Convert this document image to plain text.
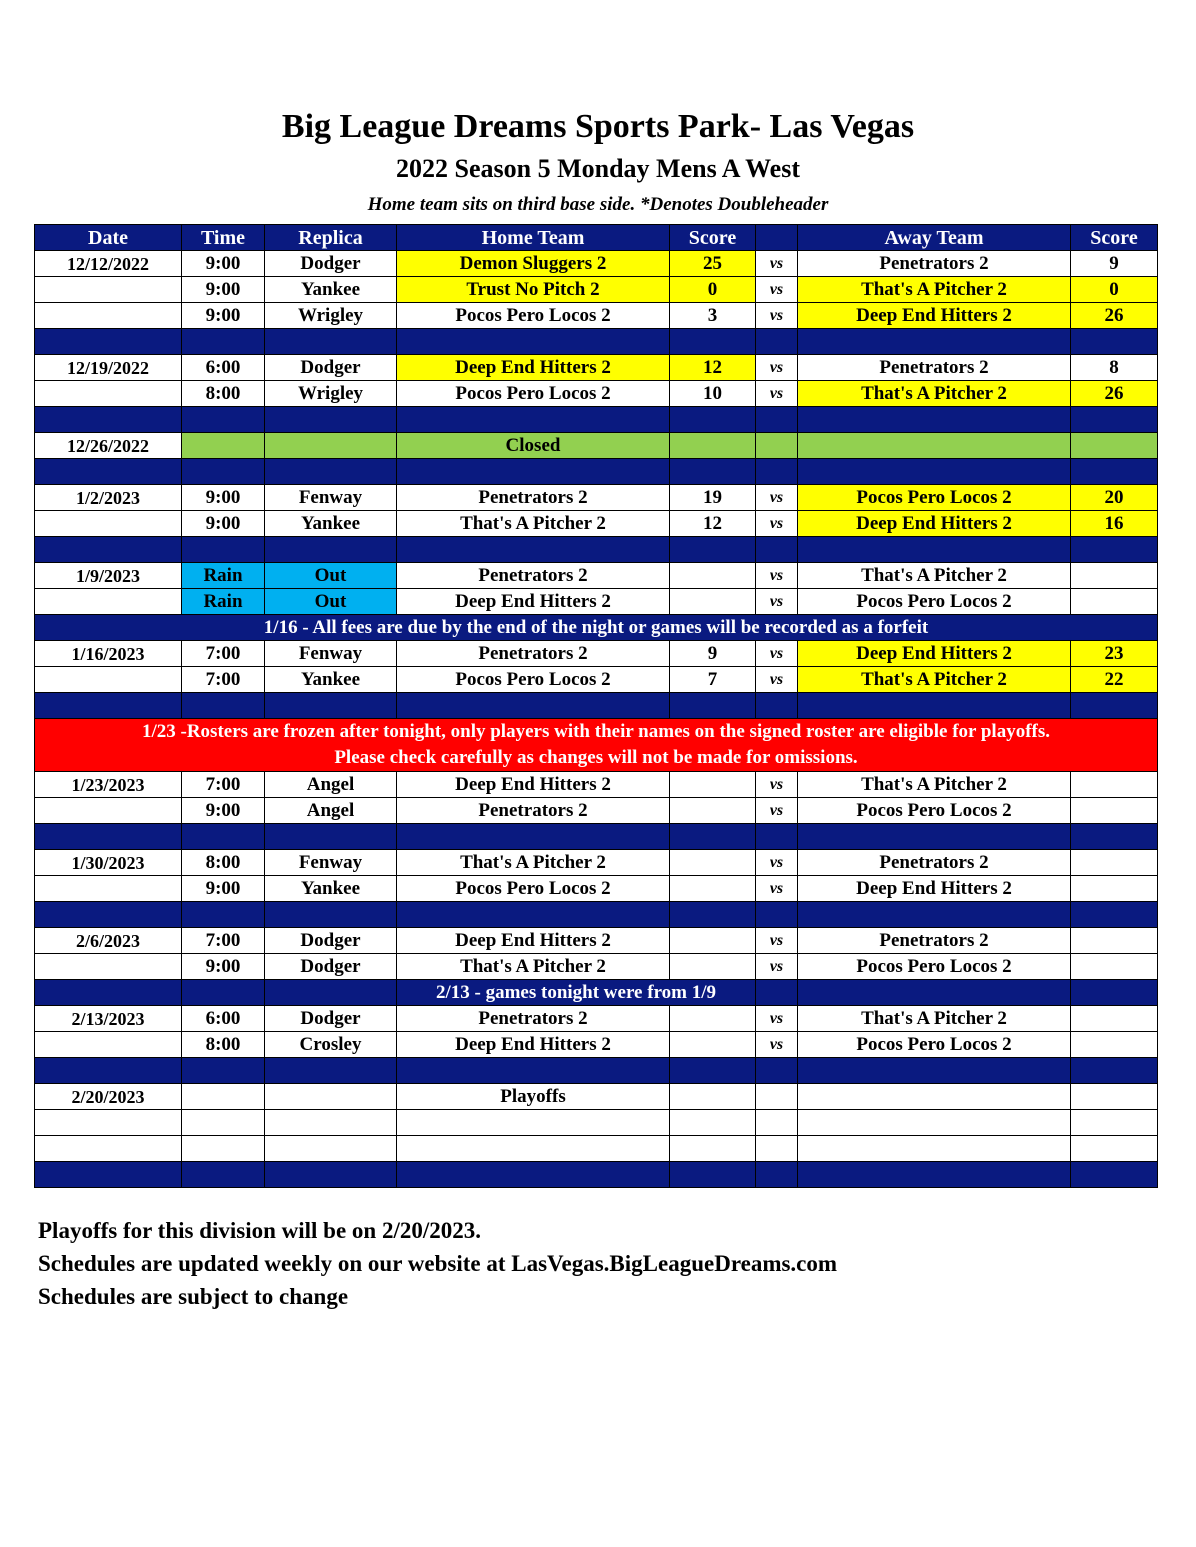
Big League Dreams Sports Park- Las Vegas
2022 Season 5 Monday Mens A West
Home team sits on third base side. *Denotes Doubleheader
Date	Time	Replica	Home Team	Score		Away Team	Score
12/12/2022	9:00	Dodger	Demon Sluggers 2	25	vs	Penetrators 2	9
	9:00	Yankee	Trust No Pitch 2	0	vs	That's A Pitcher 2	0
	9:00	Wrigley	Pocos Pero Locos 2	3	vs	Deep End Hitters 2	26

12/19/2022	6:00	Dodger	Deep End Hitters 2	12	vs	Penetrators 2	8
	8:00	Wrigley	Pocos Pero Locos 2	10	vs	That's A Pitcher 2	26

12/26/2022			Closed				

1/2/2023	9:00	Fenway	Penetrators 2	19	vs	Pocos Pero Locos 2	20
	9:00	Yankee	That's A Pitcher 2	12	vs	Deep End Hitters 2	16

1/9/2023	Rain	Out	Penetrators 2		vs	That's A Pitcher 2	
	Rain	Out	Deep End Hitters 2		vs	Pocos Pero Locos 2	
1/16 - All fees are due by the end of the night or games will be recorded as a forfeit							
1/16/2023	7:00	Fenway	Penetrators 2	9	vs	Deep End Hitters 2	23
	7:00	Yankee	Pocos Pero Locos 2	7	vs	That's A Pitcher 2	22

1/23 -Rosters are frozen after tonight, only players with their names on the signed roster are eligible for playoffs.
Please check carefully as changes will not be made for omissions.							

1/23/2023	7:00	Angel	Deep End Hitters 2		vs	That's A Pitcher 2	
	9:00	Angel	Penetrators 2		vs	Pocos Pero Locos 2	

1/30/2023	8:00	Fenway	That's A Pitcher 2		vs	Penetrators 2	
	9:00	Yankee	Pocos Pero Locos 2		vs	Deep End Hitters 2	

2/6/2023	7:00	Dodger	Deep End Hitters 2		vs	Penetrators 2	
	9:00	Dodger	That's A Pitcher 2		vs	Pocos Pero Locos 2	
			2/13 - games tonight were from 1/9				
2/13/2023	6:00	Dodger	Penetrators 2		vs	That's A Pitcher 2	
	8:00	Crosley	Deep End Hitters 2		vs	Pocos Pero Locos 2	

2/20/2023			Playoffs				

Playoffs for this division will be on 2/20/2023.
Schedules are updated weekly on our website at LasVegas.BigLeagueDreams.com
Schedules are subject to change
